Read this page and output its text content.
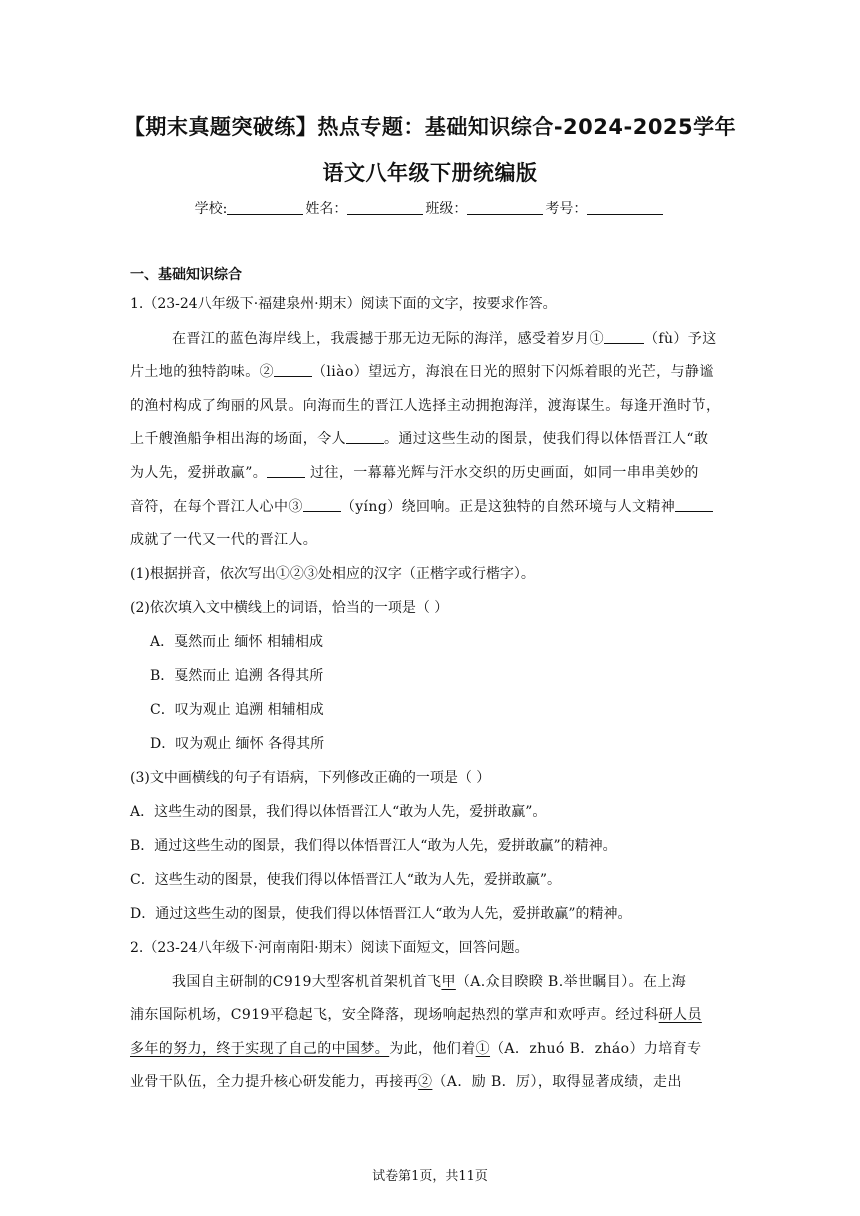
【期末真题突破练】热点专题：基础知识综合-2024-2025学年
语文八年级下册统编版
学校:	姓名：	班级：	考号：
一、基础知识综合
1.（23-24八年级下·福建泉州·期末）阅读下面的文字，按要求作答。
在晋江的蓝色海岸线上，我震撼于那无边无际的海洋，感受着岁月①	（fù）予这
片土地的独特韵味。②	（liào）望远方，海浪在日光的照射下闪烁着眼的光芒，与静谧
的渔村构成了绚丽的风景。向海而生的晋江人选择主动拥抱海洋，渡海谋生。每逢开渔时节，
上千艘渔船争相出海的场面，令人	。通过这些生动的图景，使我们得以体悟晋江人“敢
为人先，爱拼敢赢”。	过往，一幕幕光辉与汗水交织的历史画面，如同一串串美妙的
音符，在每个晋江人心中③	（yíng）绕回响。正是这独特的自然环境与人文精神
成就了一代又一代的晋江人。
(1)根据拼音，依次写出①②③处相应的汉字（正楷字或行楷字）。
(2)依次填入文中横线上的词语，恰当的一项是（ ）
A．戛然而止 缅怀 相辅相成
B．戛然而止 追溯 各得其所
C．叹为观止 追溯 相辅相成
D．叹为观止 缅怀 各得其所
(3)文中画横线的句子有语病，下列修改正确的一项是（ ）
A．这些生动的图景，我们得以体悟晋江人“敢为人先，爱拼敢赢”。
B．通过这些生动的图景，我们得以体悟晋江人“敢为人先，爱拼敢赢”的精神。
C．这些生动的图景，使我们得以体悟晋江人“敢为人先，爱拼敢赢”。
D．通过这些生动的图景，使我们得以体悟晋江人“敢为人先，爱拼敢赢”的精神。
2.（23-24八年级下·河南南阳·期末）阅读下面短文，回答问题。
我国自主研制的C919大型客机首架机首飞甲（A.众目睽睽 B.举世瞩目）。在上海
浦东国际机场，C919平稳起飞，安全降落，现场响起热烈的掌声和欢呼声。经过科研人员
多年的努力，终于实现了自己的中国梦。为此，他们着①（A．zhuó B．zháo）力培育专
业骨干队伍，全力提升核心研发能力，再接再②（A．励 B．厉），取得显著成绩，走出
试卷第1页，共11页
